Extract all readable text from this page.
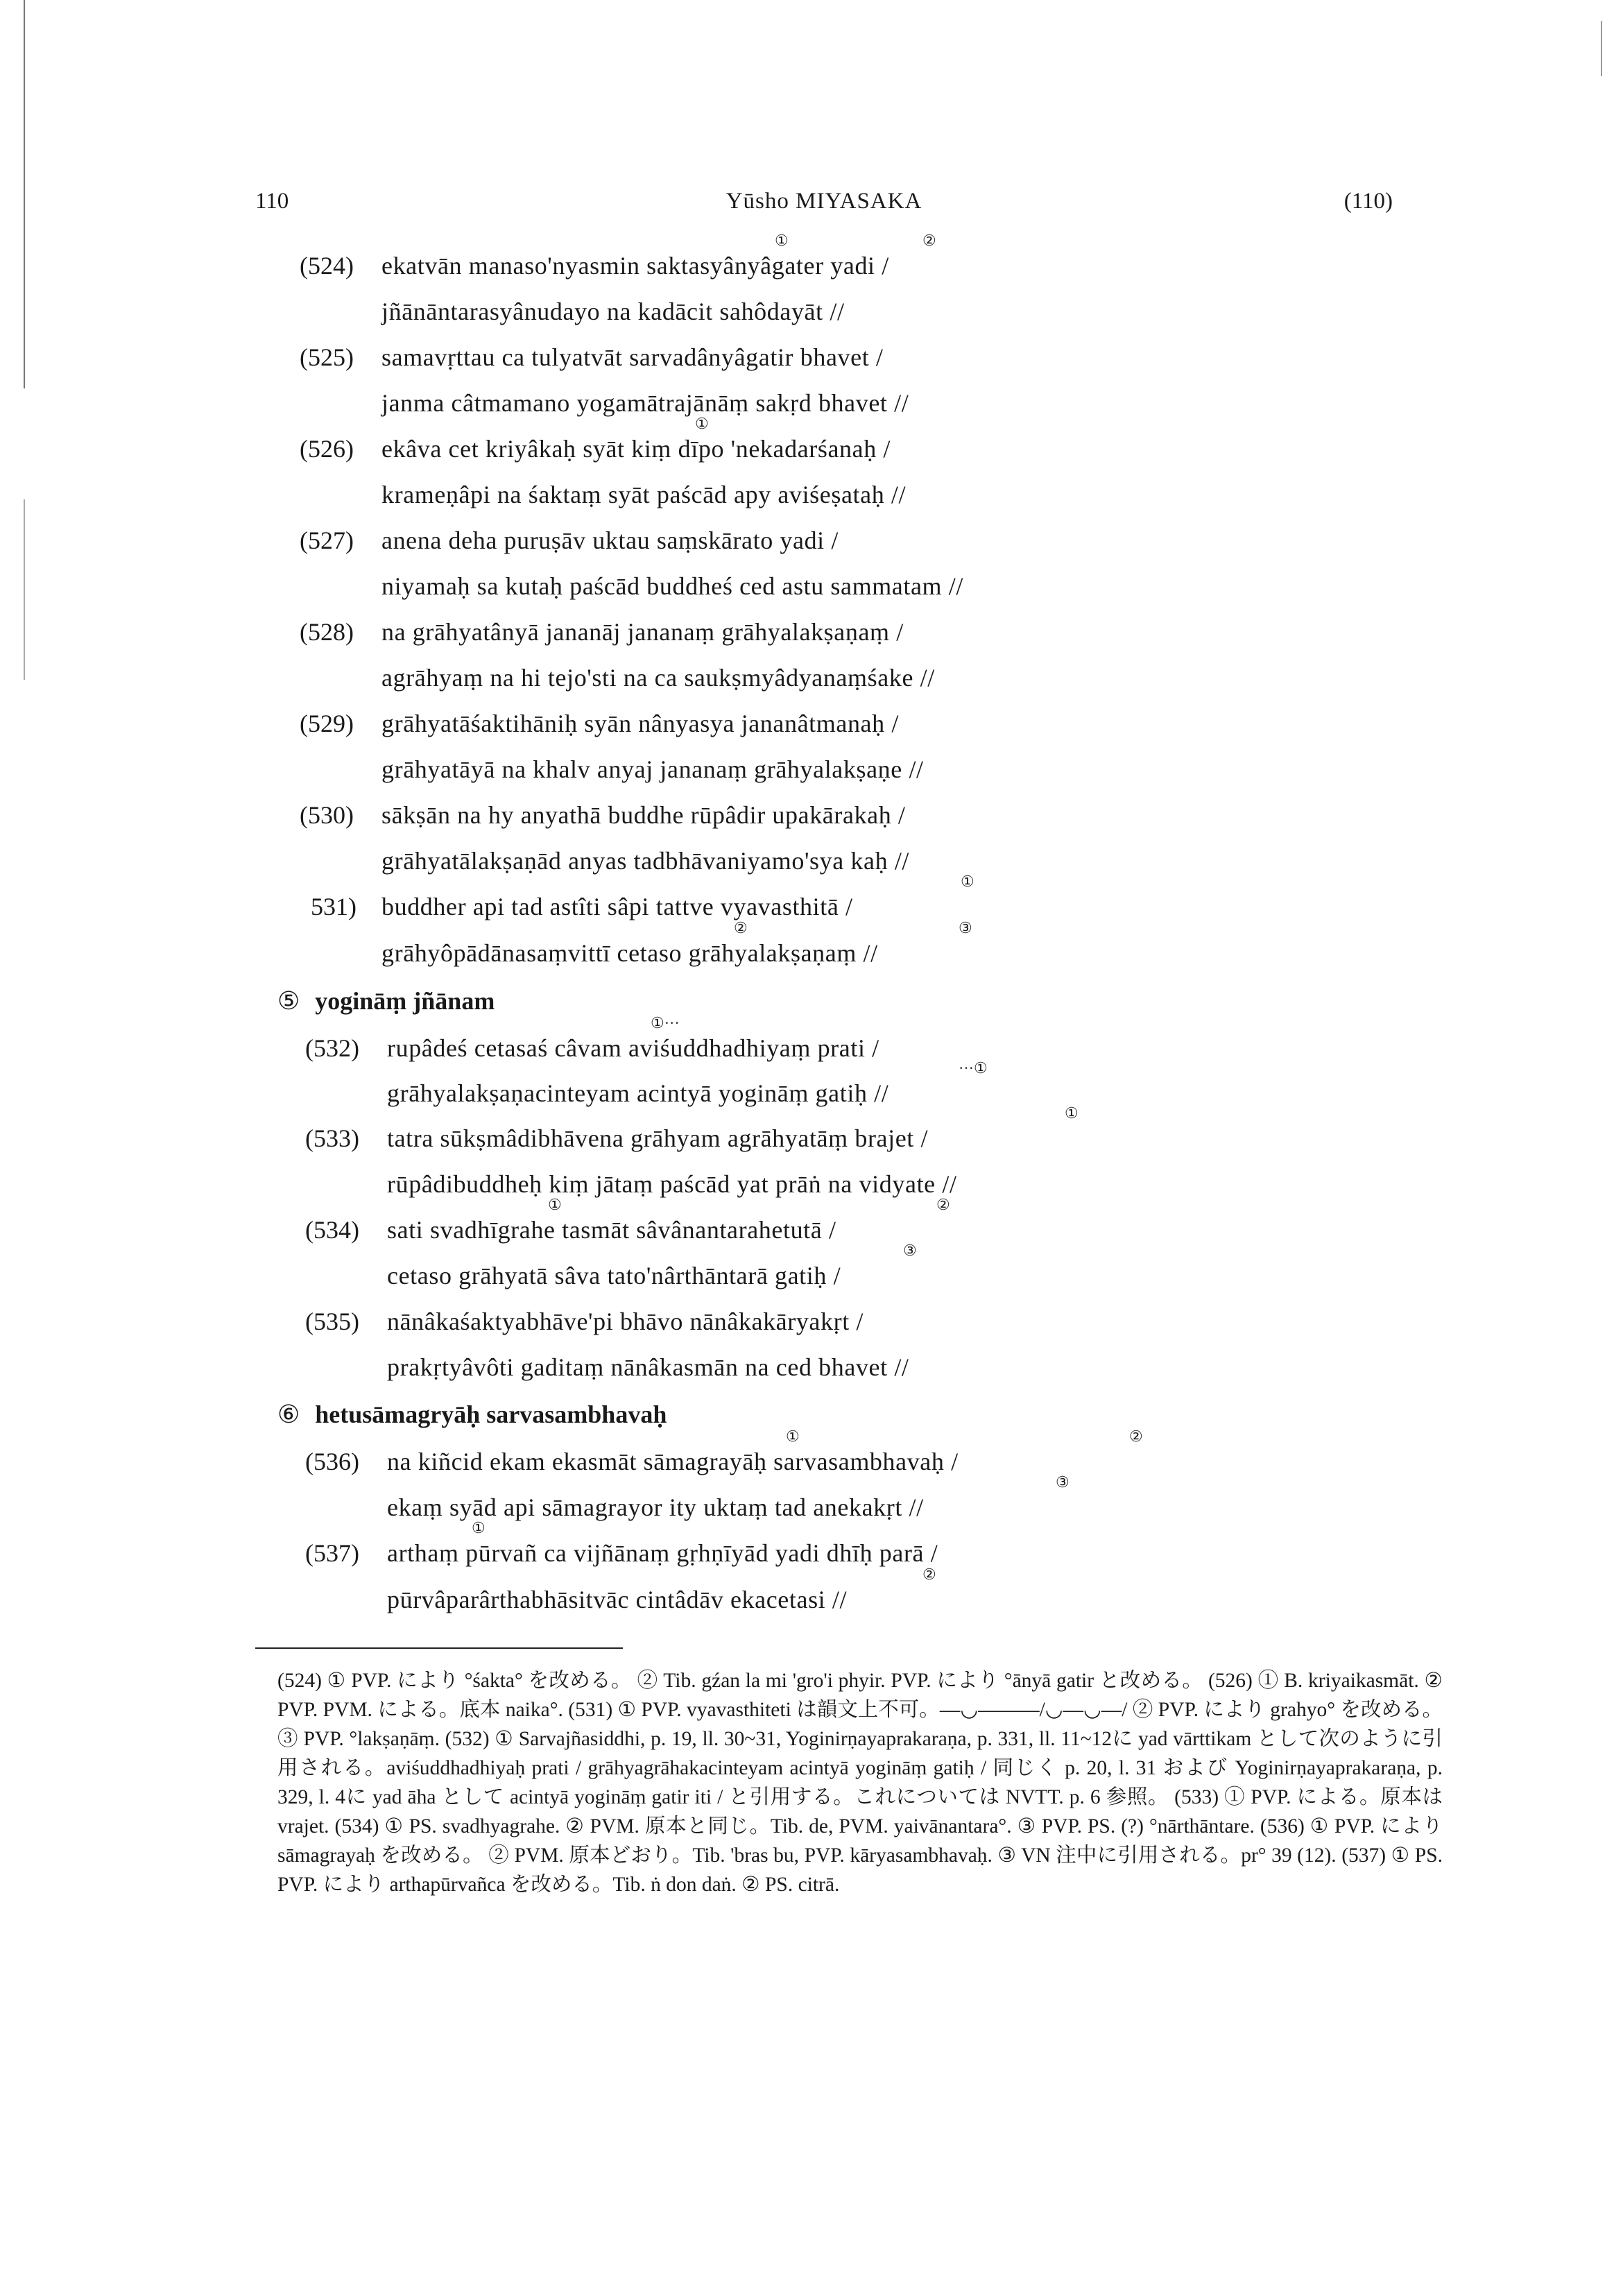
110	Yūsho MIYASAKA	(110)
①	②
(524) ekatvān manaso'nyasmin saktasyânyâgater yadi /
jñānāntarasyânudayo na kadācit sahôdayāt //
(525) samavṛttau ca tulyatvāt sarvadânyâgatir bhavet /
janma câtmamano yogamātrajānāṃ sakṛd bhavet //
①
(526) ekâva cet kriyâkaḥ syāt kiṃ dīpo 'nekadarśanaḥ /
krameṇâpi na śaktaṃ syāt paścād apy aviśeṣataḥ //
(527) anena deha puruṣāv uktau saṃskārato yadi /
niyamaḥ sa kutaḥ paścād buddheś ced astu sammatam //
(528) na grāhyatânyā jananāj jananaṃ grāhyalakṣaṇaṃ /
agrāhyaṃ na hi tejo'sti na ca saukṣmyâdyanaṃśake //
(529) grāhyatāśaktihāniḥ syān nânyasya jananâtmanaḥ /
grāhyatāyā na khalv anyaj jananaṃ grāhyalakṣaṇe //
(530) sākṣān na hy anyathā buddhe rūpâdir upakārakaḥ /
grāhyatālakṣaṇād anyas tadbhāvaniyamo'sya kaḥ //
①
531) buddher api tad astîti sâpi tattve vyavasthitā /
②	③
grāhyôpādānasaṃvittī cetaso grāhyalakṣaṇaṃ //
⑤ yogināṃ jñānam
①···
(532) rupâdeś cetasaś câvam aviśuddhadhiyaṃ prati /
···①
grāhyalakṣaṇacinteyam acintyā yogināṃ gatiḥ //
①
(533) tatra sūkṣmâdibhāvena grāhyam agrāhyatāṃ brajet /
rūpâdibuddheḥ kiṃ jātaṃ paścād yat prāṅ na vidyate //
①	②
(534) sati svadhīgrahe tasmāt sâvânantarahetutā /
③
cetaso grāhyatā sâva tato'nârthāntarā gatiḥ /
(535) nānâkaśaktyabhāve'pi bhāvo nānâkakāryakṛt /
prakṛtyâvôti gaditaṃ nānâkasmān na ced bhavet //
⑥ hetusāmagryāḥ sarvasambhavaḥ
①	②
(536) na kiñcid ekam ekasmāt sāmagrayāḥ sarvasambhavaḥ /
③
ekaṃ syād api sāmagrayor ity uktaṃ tad anekakṛt //
①
(537) arthaṃ pūrvañ ca vijñānaṃ gṛhṇīyād yadi dhīḥ parā /
②
pūrvâparârthabhāsitvāc cintâdāv ekacetasi //

(524) ① PVP. により °śakta° を改める。 ② Tib. gźan la mi 'gro'i phyir. PVP. により °ānyā gatir と改める。 (526) ① B. kriyaikasmāt. ② PVP. PVM. による。底本 naika°. (531) ① PVP. vyavasthiteti は韻文上不可。—◡———/◡—◡—/ ② PVP. により grahyo° を改める。 ③ PVP. °lakṣaṇāṃ. (532) ① Sarvajñasiddhi, p. 19, ll. 30~31, Yoginirṇayaprakaraṇa, p. 331, ll. 11~12に yad vārttikam として次のように引用される。aviśuddhadhiyaḥ prati / grāhyagrāhakacinteyam acintyā yogināṃ gatiḥ / 同じく p. 20, l. 31 および Yoginirṇayaprakaraṇa, p. 329, l. 4に yad āha として acintyā yogināṃ gatir iti / と引用する。これについては NVTT. p. 6 参照。 (533) ① PVP. による。原本は vrajet. (534) ① PS. svadhyagrahe. ② PVM. 原本と同じ。Tib. de, PVM. yaivānantara°. ③ PVP. PS. (?) °nārthāntare. (536) ① PVP. により sāmagrayaḥ を改める。 ② PVM. 原本どおり。Tib. 'bras bu, PVP. kāryasambhavaḥ. ③ VN 注中に引用される。pr° 39 (12). (537) ① PS. PVP. により arthapūrvañca を改める。Tib. ṅ don daṅ. ② PS. citrā.
